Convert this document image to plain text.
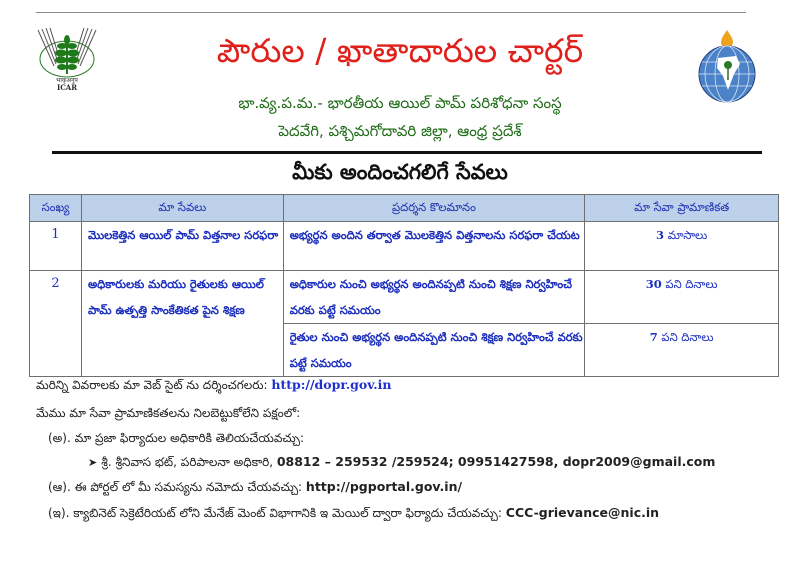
भाकृअनुप
ICAR
పౌరుల / ఖాతాదారుల చార్టర్
భా.వ్య.ప.మ.- భారతీయ ఆయిల్ పామ్ పరిశోధనా సంస్థ
పెదవేగి, పశ్చిమగోదావరి జిల్లా, ఆంధ్ర ప్రదేశ్
మీకు అందించగలిగే సేవలు
సంఖ్య	మా సేవలు	ప్రదర్శన కొలమానం	మా సేవా ప్రామాణికత
1	మొలకెత్తిన ఆయిల్ పామ్ విత్తనాల సరఫరా	అభ్యర్థన అందిన తర్వాత మొలకెత్తిన విత్తనాలను సరఫరా చేయట	3 మాసాలు
2	అధికారులకు మరియు రైతులకు ఆయిల్ పామ్ ఉత్పత్తి సాంకేతికత పైన శిక్షణ	అధికారుల నుంచి అభ్యర్థన అందినప్పటి నుంచి శిక్షణ నిర్వహించే వరకు పట్టే సమయం	30 పని దినాలు
		రైతుల నుంచి అభ్యర్థన అందినప్పటి నుంచి శిక్షణ నిర్వహించే వరకు పట్టే సమయం	7 పని దినాలు
మరిన్ని వివరాలకు మా వెబ్ సైట్ ను దర్శించగలరు: http://dopr.gov.in
మేము మా సేవా ప్రామాణికతలను నిలబెట్టుకోలేని పక్షంలో:
(అ). మా ప్రజా ఫిర్యాదుల అధికారికి తెలియచేయవచ్చు:
➤ శ్రీ. శ్రీనివాస భట్, పరిపాలనా అధికారి, 08812 – 259532 /259524; 09951427598, dopr2009@gmail.com
(ఆ). ఈ పోర్టల్ లో మీ సమస్యను నమోదు చేయవచ్చు: http://pgportal.gov.in/
(ఇ). క్యాబినెట్ సెక్రెటేరియట్ లోని మేనేజ్ మెంట్ విభాగానికి ఇ మెయిల్ ద్వారా ఫిర్యాదు చేయవచ్చు: CCC-grievance@nic.in
